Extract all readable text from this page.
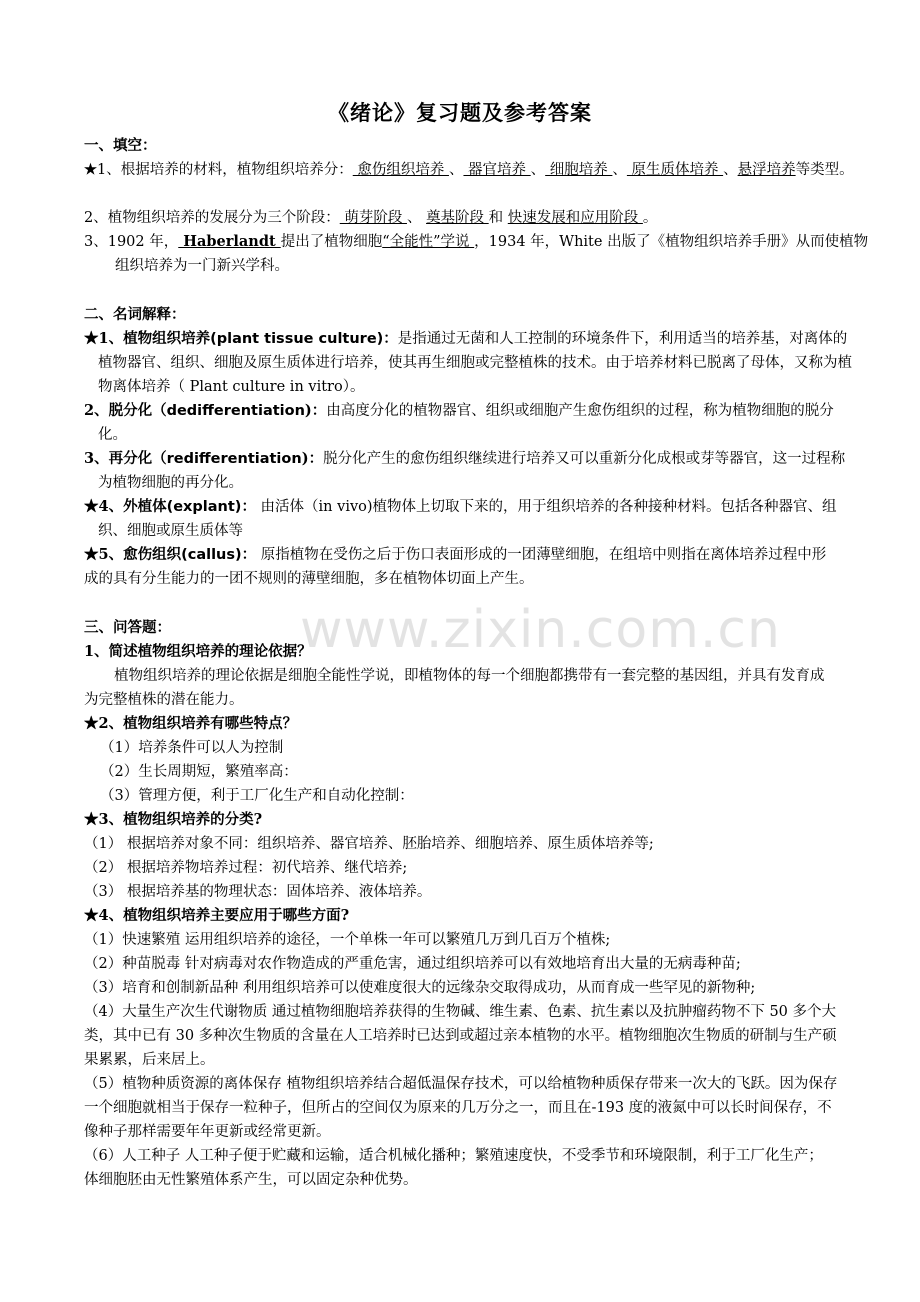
www.zixin.com.cn
《绪论》复习题及参考答案
一、填空：
★1、根据培养的材料，植物组织培养分： 愈伤组织培养 、 器官培养 、 细胞培养 、 原生质体培养 、悬浮培养等类型。
2、植物组织培养的发展分为三个阶段： 萌芽阶段 、 奠基阶段 和 快速发展和应用阶段 。
3、1902 年， Haberlandt 提出了植物细胞“全能性”学说 ，1934 年，White 出版了《植物组织培养手册》从而使植物组织培养为一门新兴学科。
二、名词解释：
★1、植物组织培养(plant tissue culture)：是指通过无菌和人工控制的环境条件下，利用适当的培养基，对离体的植物器官、组织、细胞及原生质体进行培养，使其再生细胞或完整植株的技术。由于培养材料已脱离了母体，又称为植物离体培养（ Plant culture in vitro）。
2、脱分化（dedifferentiation)：由高度分化的植物器官、组织或细胞产生愈伤组织的过程，称为植物细胞的脱分化。
3、再分化（redifferentiation)：脱分化产生的愈伤组织继续进行培养又可以重新分化成根或芽等器官，这一过程称为植物细胞的再分化。
★4、外植体(explant)： 由活体（in vivo)植物体上切取下来的，用于组织培养的各种接种材料。包括各种器官、组织、细胞或原生质体等
★5、愈伤组织(callus)： 原指植物在受伤之后于伤口表面形成的一团薄壁细胞，在组培中则指在离体培养过程中形成的具有分生能力的一团不规则的薄壁细胞，多在植物体切面上产生。
三、问答题：
1、简述植物组织培养的理论依据？
植物组织培养的理论依据是细胞全能性学说，即植物体的每一个细胞都携带有一套完整的基因组，并具有发育成为完整植株的潜在能力。
★2、植物组织培养有哪些特点？
（1）培养条件可以人为控制
（2）生长周期短，繁殖率高：
（3）管理方便，利于工厂化生产和自动化控制：
★3、植物组织培养的分类?
（1） 根据培养对象不同：组织培养、器官培养、胚胎培养、细胞培养、原生质体培养等;
（2） 根据培养物培养过程：初代培养、继代培养;
（3） 根据培养基的物理状态：固体培养、液体培养。
★4、植物组织培养主要应用于哪些方面?
（1）快速繁殖 运用组织培养的途径，一个单株一年可以繁殖几万到几百万个植株;
（2）种苗脱毒 针对病毒对农作物造成的严重危害，通过组织培养可以有效地培育出大量的无病毒种苗;
（3）培育和创制新品种 利用组织培养可以使难度很大的远缘杂交取得成功，从而育成一些罕见的新物种;
（4）大量生产次生代谢物质 通过植物细胞培养获得的生物碱、维生素、色素、抗生素以及抗肿瘤药物不下 50 多个大类，其中已有 30 多种次生物质的含量在人工培养时已达到或超过亲本植物的水平。植物细胞次生物质的研制与生产硕果累累，后来居上。
（5）植物种质资源的离体保存 植物组织培养结合超低温保存技术，可以给植物种质保存带来一次大的飞跃。因为保存一个细胞就相当于保存一粒种子，但所占的空间仅为原来的几万分之一，而且在-193 度的液氮中可以长时间保存，不像种子那样需要年年更新或经常更新。
（6）人工种子 人工种子便于贮藏和运输，适合机械化播种；繁殖速度快，不受季节和环境限制，利于工厂化生产； 体细胞胚由无性繁殖体系产生，可以固定杂种优势。
